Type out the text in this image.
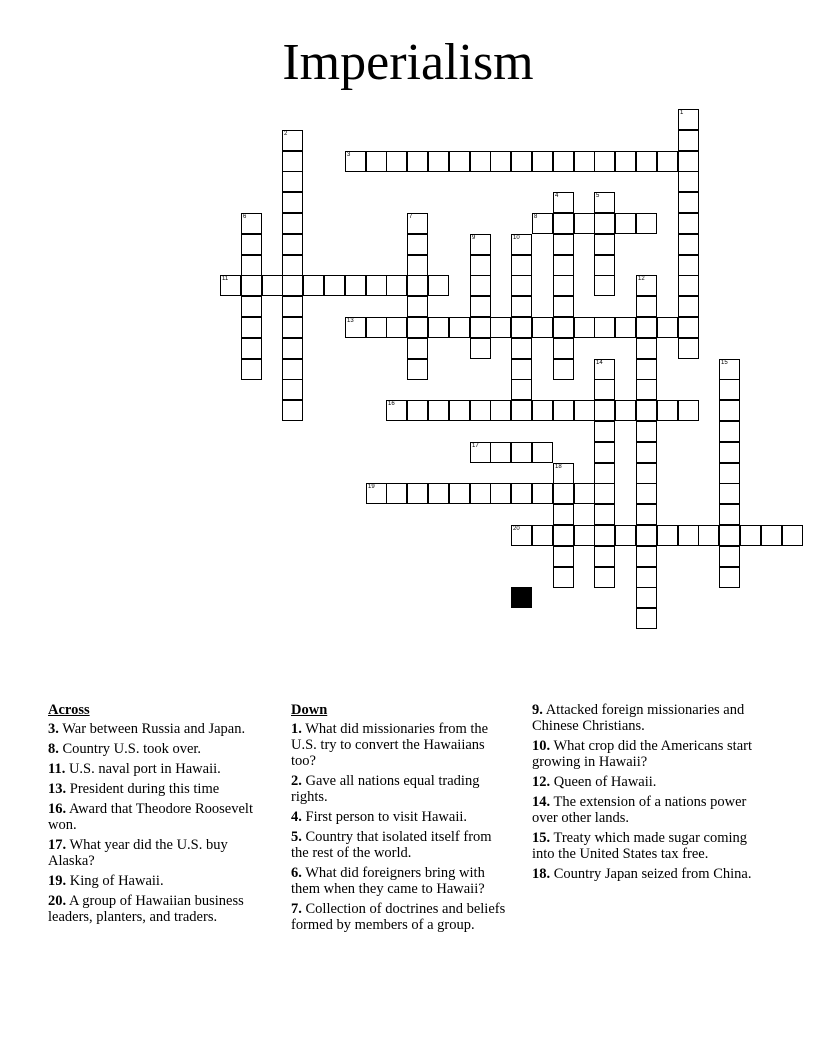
Imperialism
1
2
3
4	5
6	7	8
9	10
11	12
13
14	15
16
17
18
19
20
Across
3. War between Russia and Japan.
8. Country U.S. took over.
11. U.S. naval port in Hawaii.
13. President during this time
16. Award that Theodore Roosevelt won.
17. What year did the U.S. buy Alaska?
19. King of Hawaii.
20. A group of Hawaiian business leaders, planters, and traders.
Down
1. What did missionaries from the U.S. try to convert the Hawaiians too?
2. Gave all nations equal trading rights.
4. First person to visit Hawaii.
5. Country that isolated itself from the rest of the world.
6. What did foreigners bring with them when they came to Hawaii?
7. Collection of doctrines and beliefs formed by members of a group.
9. Attacked foreign missionaries and Chinese Christians.
10. What crop did the Americans start growing in Hawaii?
12. Queen of Hawaii.
14. The extension of a nations power over other lands.
15. Treaty which made sugar coming into the United States tax free.
18. Country Japan seized from China.
